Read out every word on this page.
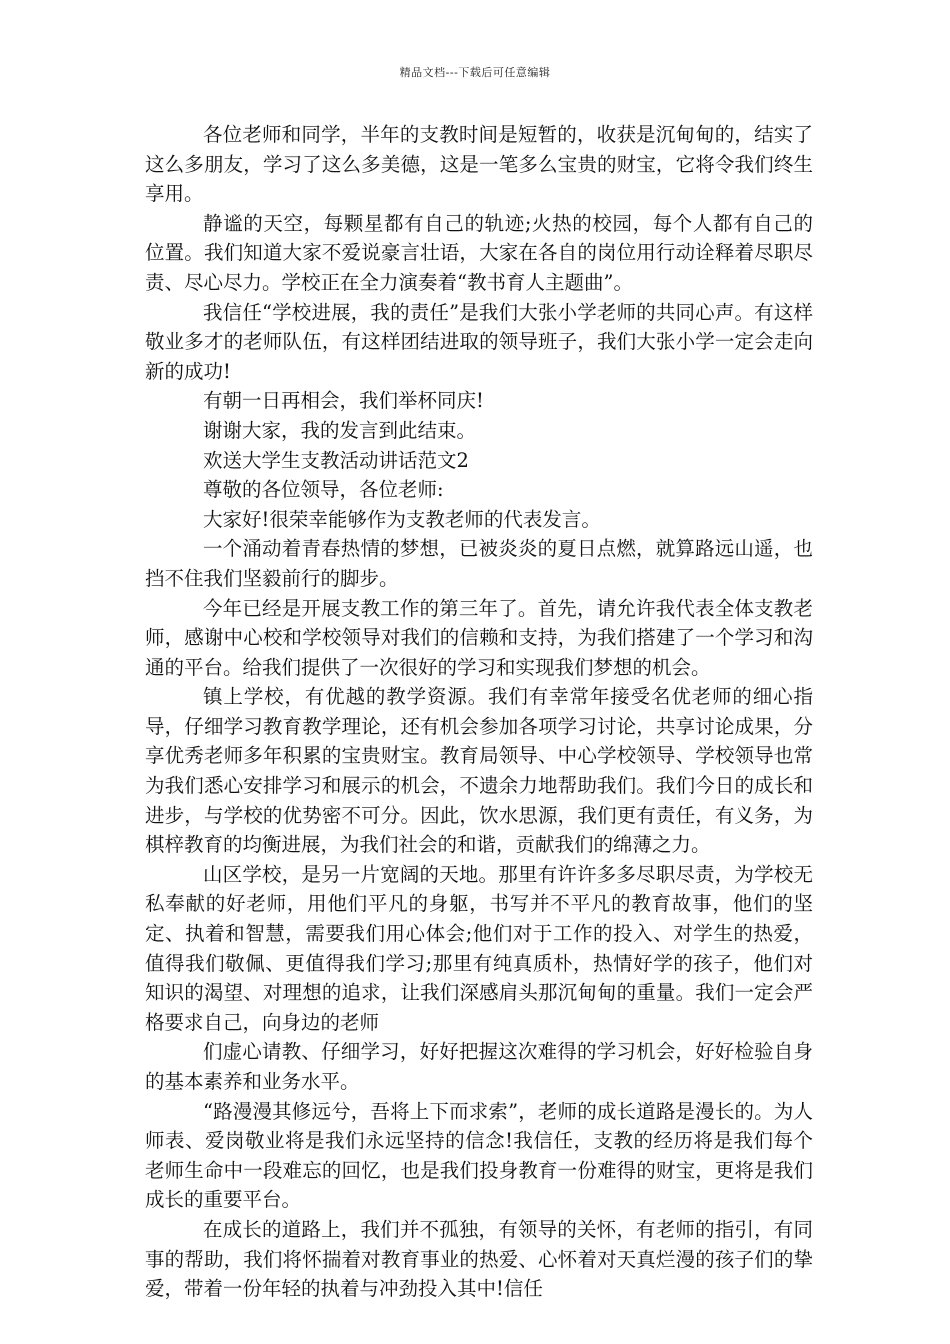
精品文档---下载后可任意编辑

各位老师和同学，半年的支教时间是短暂的，收获是沉甸甸的，结实了这么多朋友，学习了这么多美德，这是一笔多么宝贵的财宝，它将令我们终生享用。

静谧的天空，每颗星都有自己的轨迹;火热的校园，每个人都有自己的位置。我们知道大家不爱说豪言壮语，大家在各自的岗位用行动诠释着尽职尽责、尽心尽力。学校正在全力演奏着“教书育人主题曲”。

我信任“学校进展，我的责任”是我们大张小学老师的共同心声。有这样敬业多才的老师队伍，有这样团结进取的领导班子，我们大张小学一定会走向新的成功!

有朝一日再相会，我们举杯同庆!

谢谢大家，我的发言到此结束。

欢送大学生支教活动讲话范文2

尊敬的各位领导，各位老师:

大家好!很荣幸能够作为支教老师的代表发言。

一个涌动着青春热情的梦想，已被炎炎的夏日点燃，就算路远山遥，也挡不住我们坚毅前行的脚步。

今年已经是开展支教工作的第三年了。首先，请允许我代表全体支教老师，感谢中心校和学校领导对我们的信赖和支持，为我们搭建了一个学习和沟通的平台。给我们提供了一次很好的学习和实现我们梦想的机会。

镇上学校，有优越的教学资源。我们有幸常年接受名优老师的细心指导，仔细学习教育教学理论，还有机会参加各项学习讨论，共享讨论成果，分享优秀老师多年积累的宝贵财宝。教育局领导、中心学校领导、学校领导也常为我们悉心安排学习和展示的机会，不遗余力地帮助我们。我们今日的成长和进步，与学校的优势密不可分。因此，饮水思源，我们更有责任，有义务，为棋梓教育的均衡进展，为我们社会的和谐，贡献我们的绵薄之力。

山区学校，是另一片宽阔的天地。那里有许许多多尽职尽责，为学校无私奉献的好老师，用他们平凡的身躯，书写并不平凡的教育故事，他们的坚定、执着和智慧，需要我们用心体会;他们对于工作的投入、对学生的热爱，值得我们敬佩、更值得我们学习;那里有纯真质朴，热情好学的孩子，他们对知识的渴望、对理想的追求，让我们深感肩头那沉甸甸的重量。我们一定会严格要求自己，向身边的老师

们虚心请教、仔细学习，好好把握这次难得的学习机会，好好检验自身的基本素养和业务水平。

“路漫漫其修远兮，吾将上下而求索”，老师的成长道路是漫长的。为人师表、爱岗敬业将是我们永远坚持的信念!我信任，支教的经历将是我们每个老师生命中一段难忘的回忆，也是我们投身教育一份难得的财宝，更将是我们成长的重要平台。

在成长的道路上，我们并不孤独，有领导的关怀，有老师的指引，有同事的帮助，我们将怀揣着对教育事业的热爱、心怀着对天真烂漫的孩子们的挚爱，带着一份年轻的执着与冲劲投入其中!信任
